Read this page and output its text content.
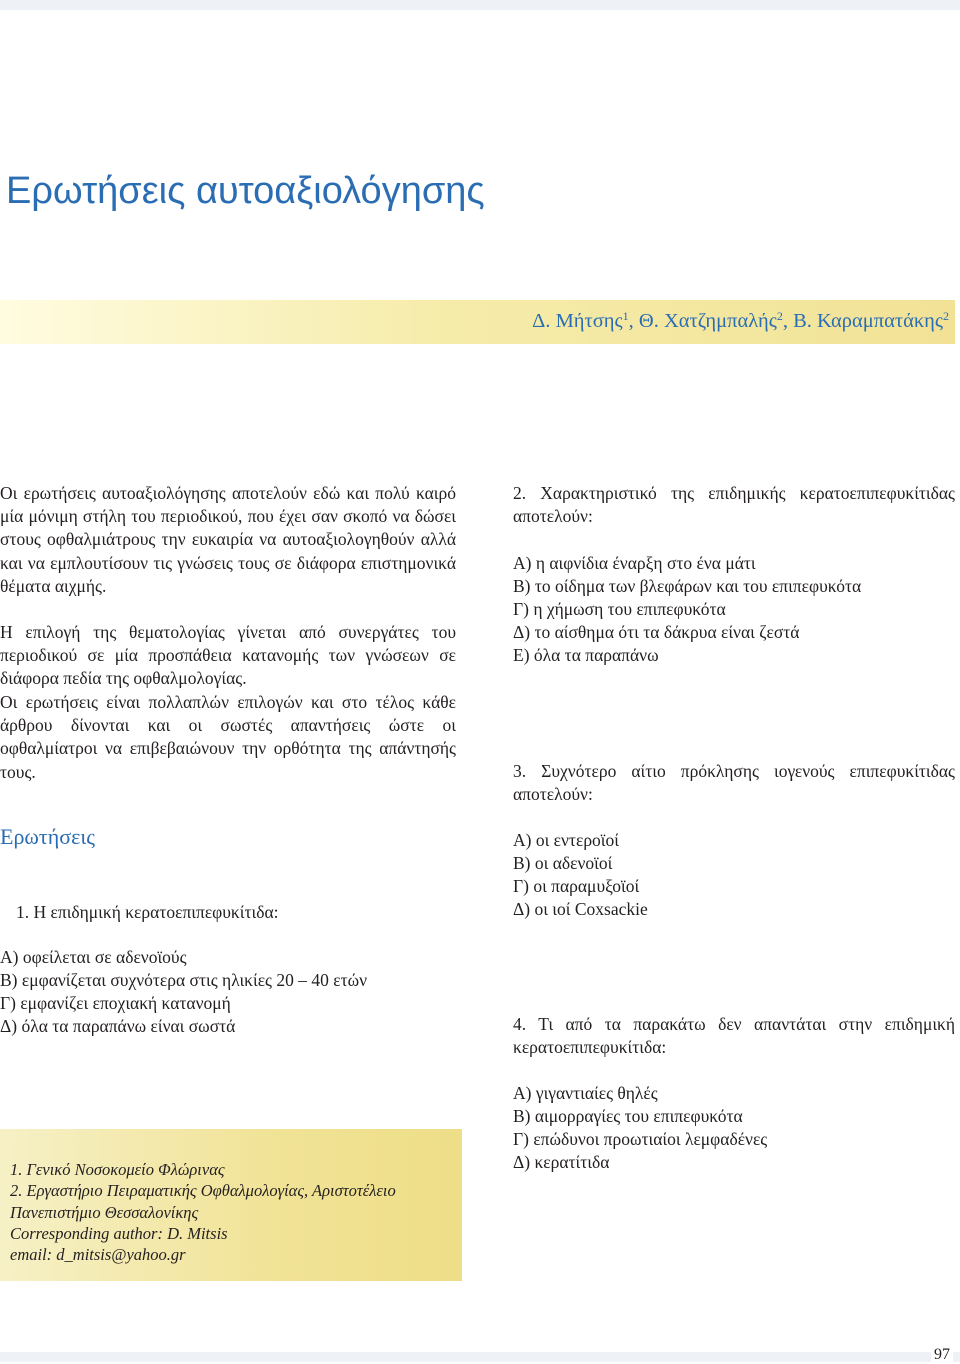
Ερωτήσεις αυτοαξιολόγησης
Δ. Μήτσης$^1$, Θ. Χατζημπαλής$^2$, Β. Καραμπατάκης$^2$
Οι ερωτήσεις αυτοαξιολόγησης αποτελούν εδώ και πολύ καιρό μία μόνιμη στήλη του περιοδικού, που έχει σαν σκοπό να δώσει στους οφθαλμιάτρους την ευκαιρία να αυτοαξιολογηθούν αλλά και να εμπλουτίσουν τις γνώσεις τους σε διάφορα επιστημονικά θέματα αιχμής.
Η επιλογή της θεματολογίας γίνεται από συνεργάτες του περιοδικού σε μία προσπάθεια κατανομής των γνώσεων σε διάφορα πεδία της οφθαλμολογίας.
Οι ερωτήσεις είναι πολλαπλών επιλογών και στο τέλος κάθε άρθρου δίνονται και οι σωστές απαντήσεις ώστε οι οφθαλμίατροι να επιβεβαιώνουν την ορθότητα της απάντησής τους.
Ερωτήσεις
1. Η επιδημική κερατοεπιπεφυκίτιδα:
Α) οφείλεται σε αδενοϊούς
Β) εμφανίζεται συχνότερα στις ηλικίες 20 – 40 ετών
Γ) εμφανίζει εποχιακή κατανομή
Δ) όλα τα παραπάνω είναι σωστά
2. Χαρακτηριστικό της επιδημικής κερατοεπιπεφυκίτιδας αποτελούν:
Α) η αιφνίδια έναρξη στο ένα μάτι
Β) το οίδημα των βλεφάρων και του επιπεφυκότα
Γ) η χήμωση του επιπεφυκότα
Δ) το αίσθημα ότι τα δάκρυα είναι ζεστά
Ε) όλα τα παραπάνω
3. Συχνότερο αίτιο πρόκλησης ιογενούς επιπεφυκίτιδας αποτελούν:
Α) οι εντεροϊοί
Β) οι αδενοϊοί
Γ) οι παραμυξοϊοί
Δ) οι ιοί Coxsackie
4. Τι από τα παρακάτω δεν απαντάται στην επιδημική κερατοεπιπεφυκίτιδα:
Α) γιγαντιαίες θηλές
Β) αιμορραγίες του επιπεφυκότα
Γ) επώδυνοι προωτιαίοι λεμφαδένες
Δ) κερατίτιδα
1. Γενικό Νοσοκομείο Φλώρινας
2. Εργαστήριο Πειραματικής Οφθαλμολογίας, Αριστοτέλειο
Πανεπιστήμιο Θεσσαλονίκης
Corresponding author: D. Mitsis
email: d_mitsis@yahoo.gr
97
